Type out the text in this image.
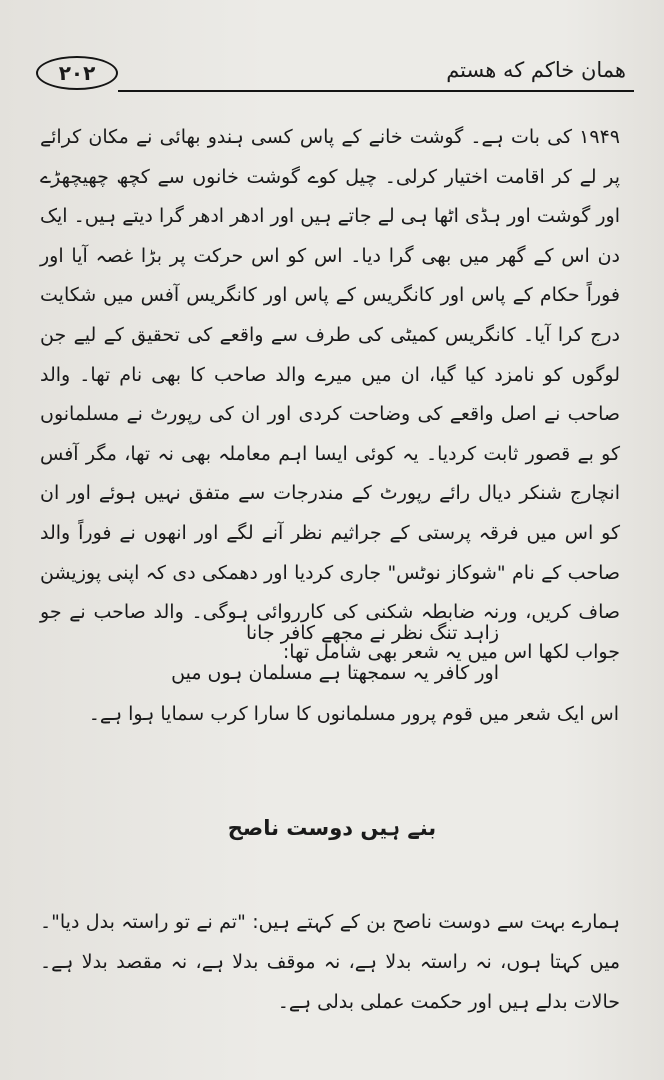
۲۰۲	همان خاکم که هستم
۱۹۴۹ کی بات ہے۔ گوشت خانے کے پاس کسی ہندو بھائی نے مکان کرائے پر لے کر اقامت اختیار کرلی۔ چیل کوے گوشت خانوں سے کچھ چھیچھڑے اور گوشت اور ہڈی اٹھا ہی لے جاتے ہیں اور ادھر ادھر گرا دیتے ہیں۔ ایک دن اس کے گھر میں بھی گرا دیا۔ اس کو اس حرکت پر بڑا غصہ آیا اور فوراً حکام کے پاس اور کانگریس کے پاس اور کانگریس آفس میں شکایت درج کرا آیا۔ کانگریس کمیٹی کی طرف سے واقعے کی تحقیق کے لیے جن لوگوں کو نامزد کیا گیا، ان میں میرے والد صاحب کا بھی نام تھا۔ والد صاحب نے اصل واقعے کی وضاحت کردی اور ان کی رپورٹ نے مسلمانوں کو بے قصور ثابت کردیا۔ یہ کوئی ایسا اہم معاملہ بھی نہ تھا، مگر آفس انچارج شنکر دیال رائے رپورٹ کے مندرجات سے متفق نہیں ہوئے اور ان کو اس میں فرقہ پرستی کے جراثیم نظر آنے لگے اور انھوں نے فوراً والد صاحب کے نام "شوکاز نوٹس" جاری کردیا اور دھمکی دی کہ اپنی پوزیشن صاف کریں، ورنہ ضابطہ شکنی کی کارروائی ہوگی۔ والد صاحب نے جو جواب لکھا اس میں یہ شعر بھی شامل تھا:
زاہد تنگ نظر نے مجھے کافر جانا
اور کافر یہ سمجھتا ہے مسلمان ہوں میں
اس ایک شعر میں قوم پرور مسلمانوں کا سارا کرب سمایا ہوا ہے۔
بنے ہیں دوست ناصح
ہمارے بہت سے دوست ناصح بن کے کہتے ہیں: "تم نے تو راستہ بدل دیا"۔ میں کہتا ہوں، نہ راستہ بدلا ہے، نہ موقف بدلا ہے، نہ مقصد بدلا ہے۔ حالات بدلے ہیں اور حکمت عملی بدلی ہے۔
